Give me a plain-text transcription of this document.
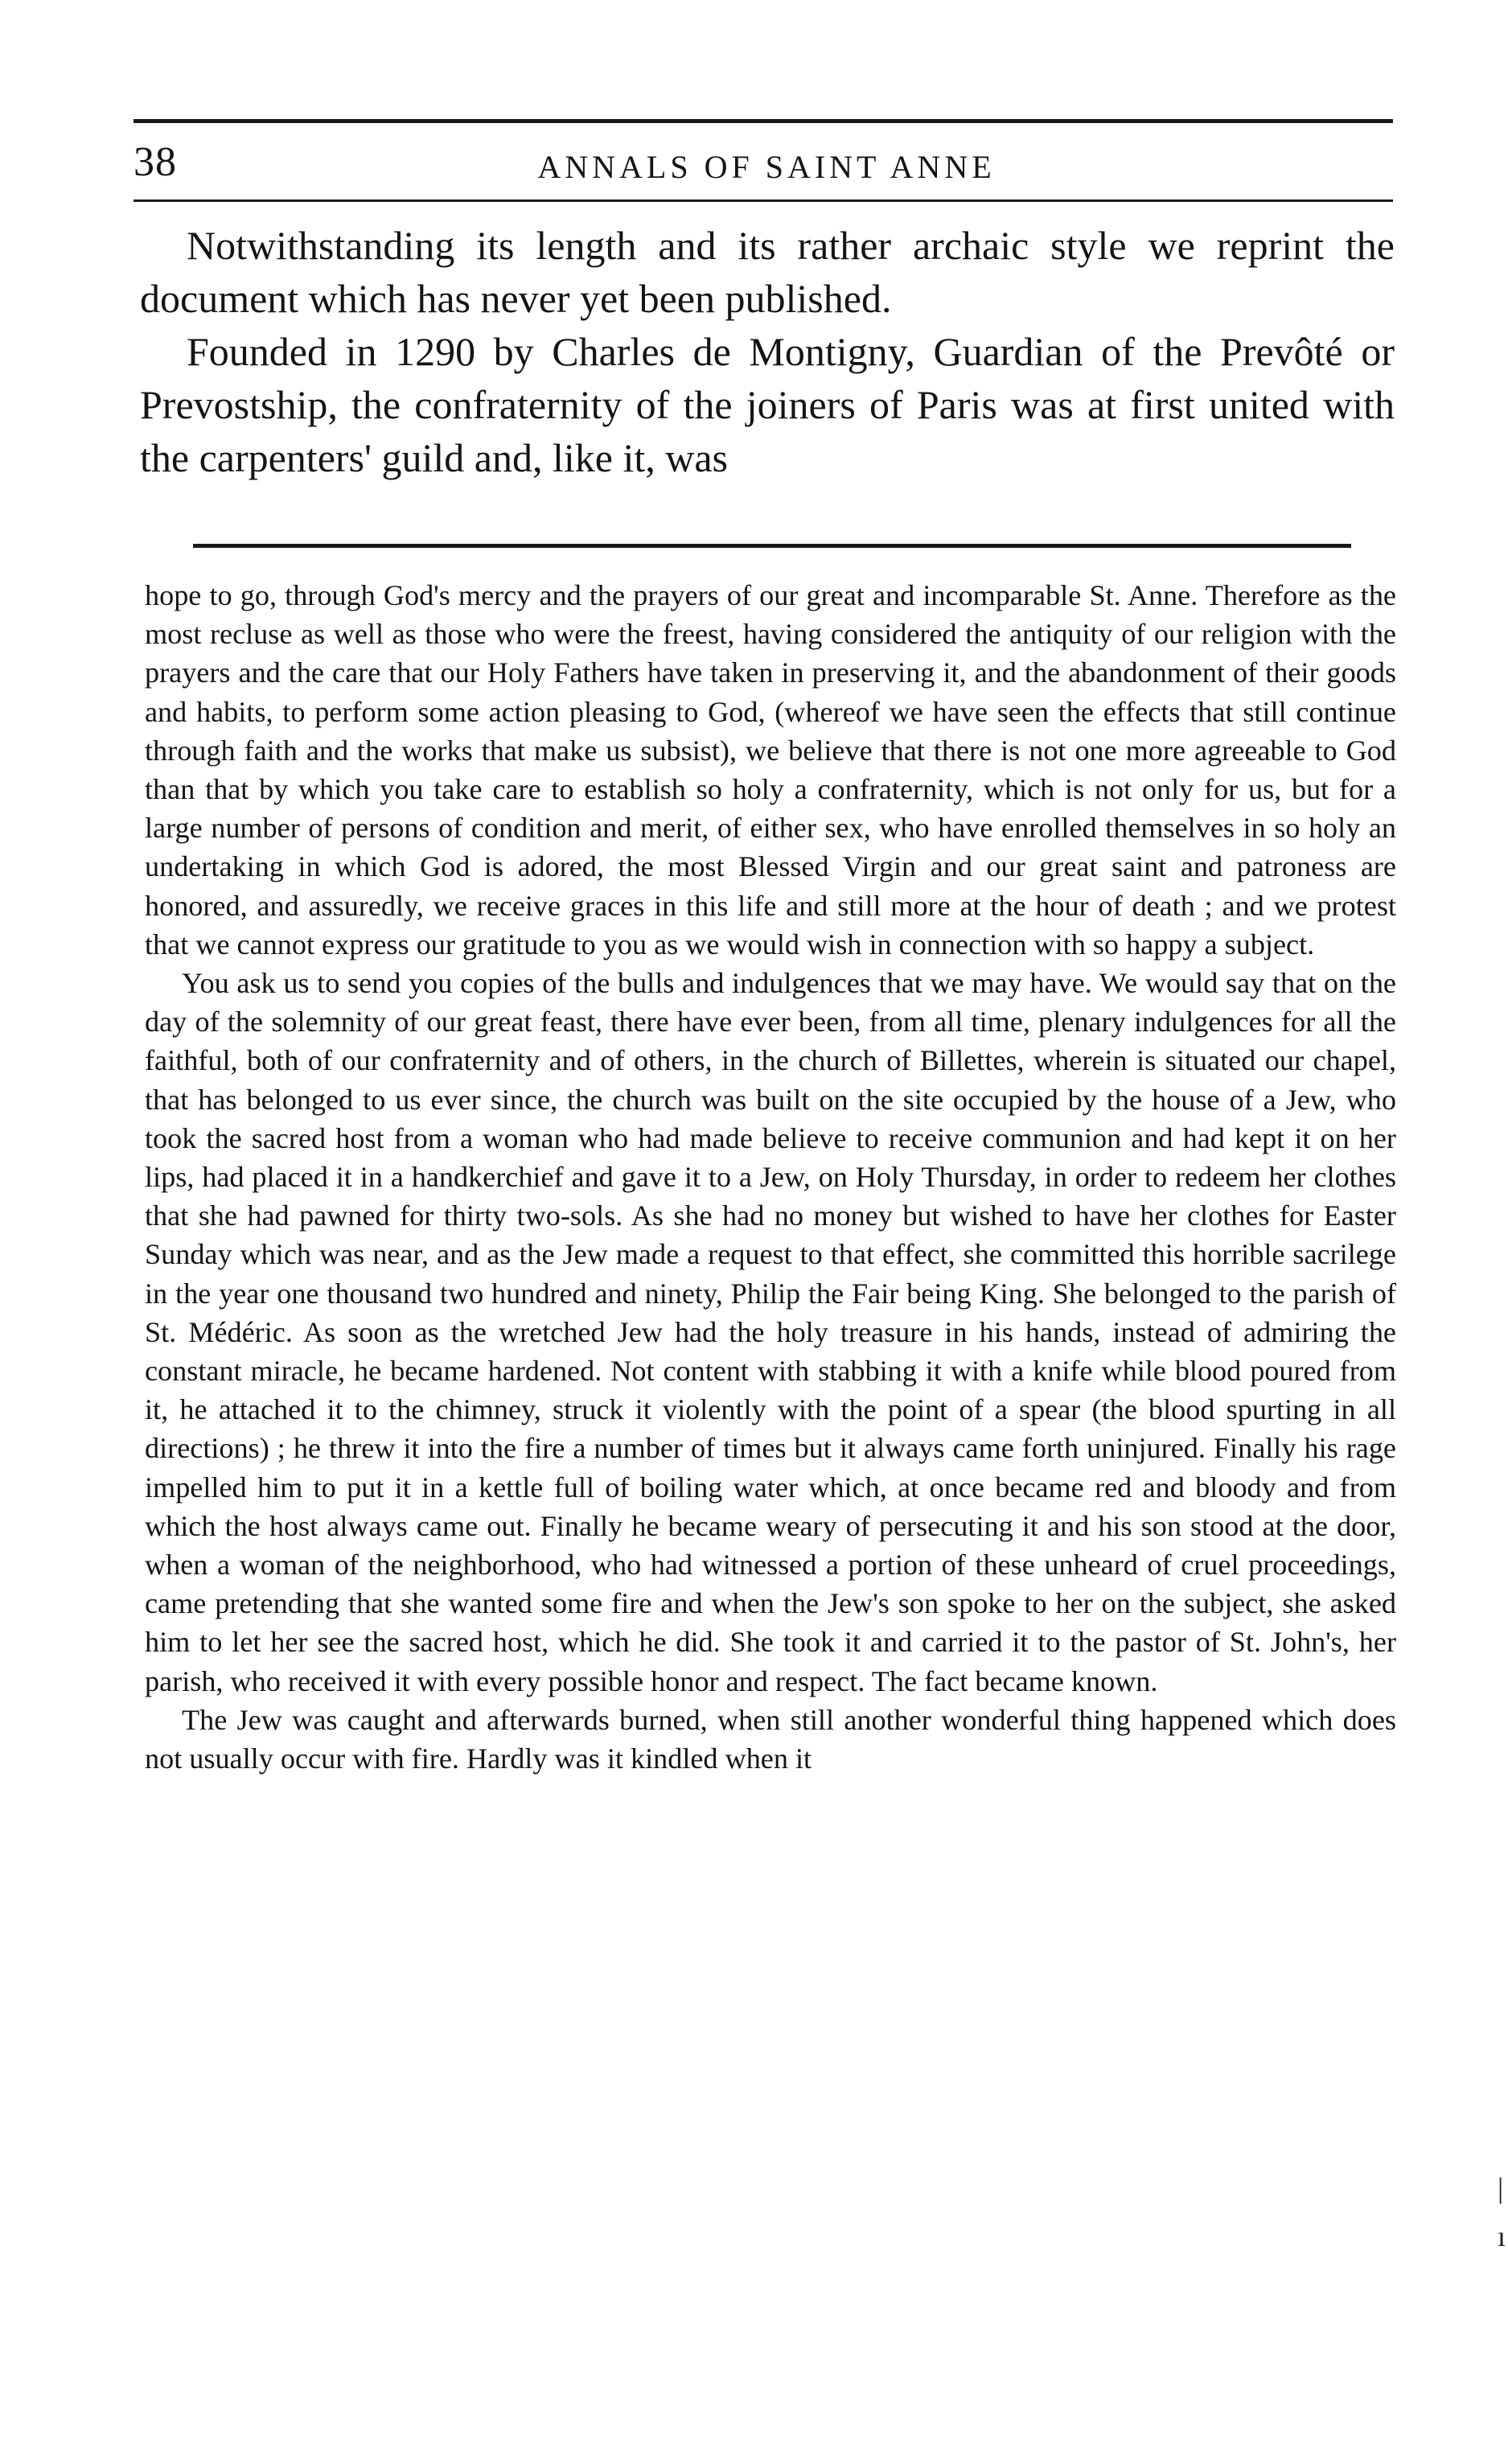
38	ANNALS OF SAINT ANNE

Notwithstanding its length and its rather archaic style we reprint the document which has never yet been published.

Founded in 1290 by Charles de Montigny, Guardian of the Prevôté or Prevostship, the confraternity of the joiners of Paris was at first united with the carpenters' guild and, like it, was

hope to go, through God's mercy and the prayers of our great and incomparable St. Anne. Therefore as the most recluse as well as those who were the freest, having considered the antiquity of our religion with the prayers and the care that our Holy Fathers have taken in preserving it, and the abandonment of their goods and habits, to perform some action pleasing to God, (whereof we have seen the effects that still continue through faith and the works that make us subsist), we believe that there is not one more agreeable to God than that by which you take care to establish so holy a confraternity, which is not only for us, but for a large number of persons of condition and merit, of either sex, who have enrolled themselves in so holy an undertaking in which God is adored, the most Blessed Virgin and our great saint and patroness are honored, and assuredly, we receive graces in this life and still more at the hour of death ; and we protest that we cannot express our gratitude to you as we would wish in connection with so happy a subject.

You ask us to send you copies of the bulls and indulgences that we may have. We would say that on the day of the solemnity of our great feast, there have ever been, from all time, plenary indulgences for all the faithful, both of our confraternity and of others, in the church of Billettes, wherein is situated our chapel, that has belonged to us ever since, the church was built on the site occupied by the house of a Jew, who took the sacred host from a woman who had made believe to receive communion and had kept it on her lips, had placed it in a handkerchief and gave it to a Jew, on Holy Thursday, in order to redeem her clothes that she had pawned for thirty two-sols. As she had no money but wished to have her clothes for Easter Sunday which was near, and as the Jew made a request to that effect, she committed this horrible sacrilege in the year one thousand two hundred and ninety, Philip the Fair being King. She belonged to the parish of St. Médéric. As soon as the wretched Jew had the holy treasure in his hands, instead of admiring the constant miracle, he became hardened. Not content with stabbing it with a knife while blood poured from it, he attached it to the chimney, struck it violently with the point of a spear (the blood spurting in all directions) ; he threw it into the fire a number of times but it always came forth uninjured. Finally his rage impelled him to put it in a kettle full of boiling water which, at once became red and bloody and from which the host always came out. Finally he became weary of persecuting it and his son stood at the door, when a woman of the neighborhood, who had witnessed a portion of these unheard of cruel proceedings, came pretending that she wanted some fire and when the Jew's son spoke to her on the subject, she asked him to let her see the sacred host, which he did. She took it and carried it to the pastor of St. John's, her parish, who received it with every possible honor and respect. The fact became known.

The Jew was caught and afterwards burned, when still another wonderful thing happened which does not usually occur with fire. Hardly was it kindled when it

|
ı
